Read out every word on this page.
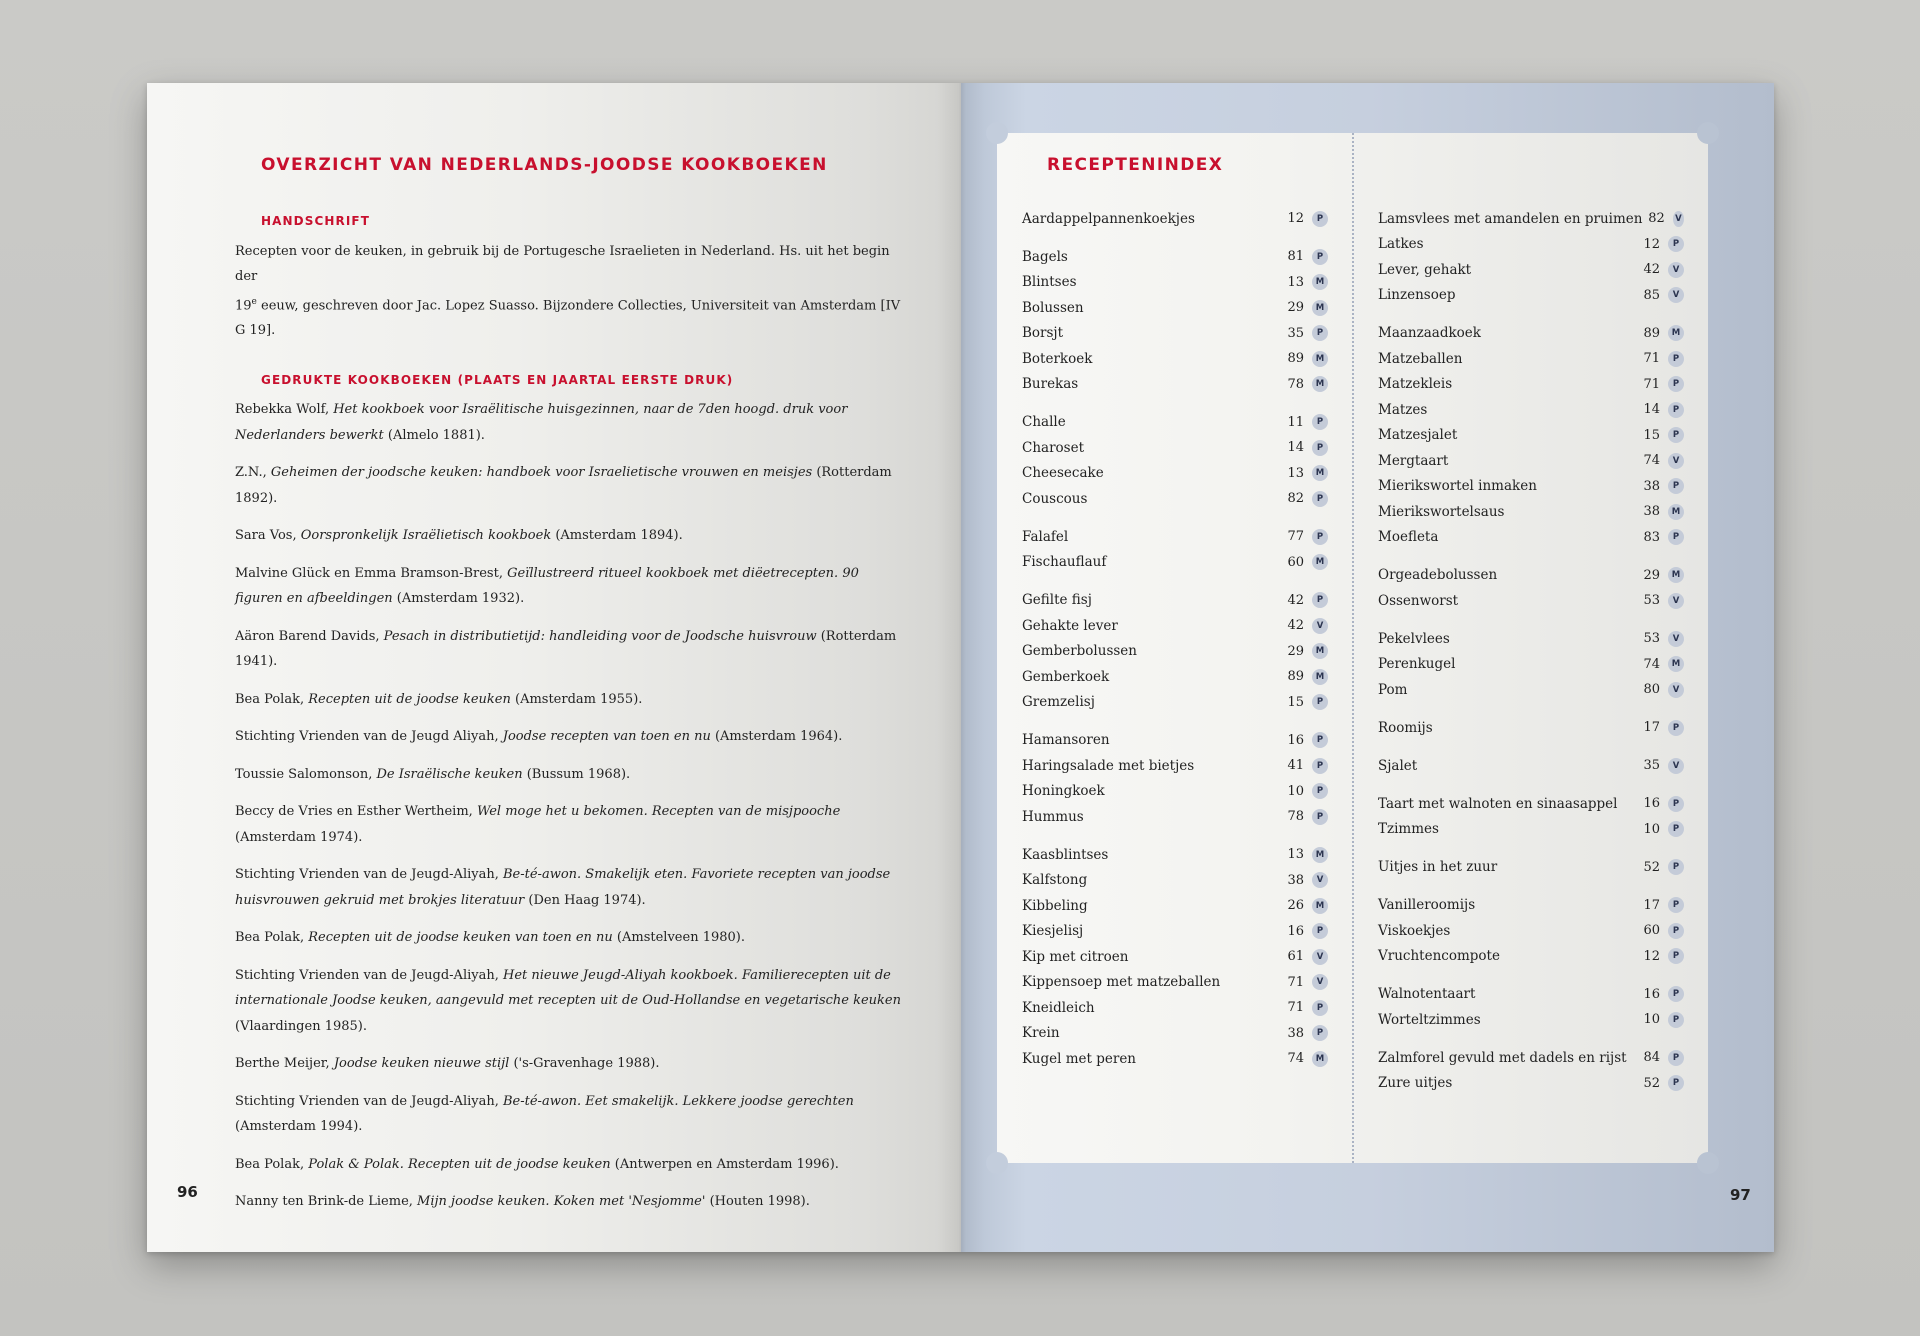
OVERZICHT VAN NEDERLANDS-JOODSE KOOKBOEKEN
HANDSCHRIFT

Recepten voor de keuken, in gebruik bij de Portugesche Israelieten in Nederland. Hs. uit het begin der
19e eeuw, geschreven door Jac. Lopez Suasso. Bijzondere Collecties, Universiteit van Amsterdam [IV G 19].

GEDRUKTE KOOKBOEKEN (PLAATS EN JAARTAL EERSTE DRUK)

Rebekka Wolf, Het kookboek voor Israëlitische huisgezinnen, naar de 7den hoogd. druk voor Nederlanders bewerkt (Almelo 1881).

Z.N., Geheimen der joodsche keuken: handboek voor Israelietische vrouwen en meisjes (Rotterdam 1892).

Sara Vos, Oorspronkelijk Israëlietisch kookboek (Amsterdam 1894).

Malvine Glück en Emma Bramson-Brest, Geïllustreerd ritueel kookboek met diëetrecepten. 90 figuren en afbeeldingen (Amsterdam 1932).

Aäron Barend Davids, Pesach in distributietijd: handleiding voor de Joodsche huisvrouw (Rotterdam 1941).

Bea Polak, Recepten uit de joodse keuken (Amsterdam 1955).

Stichting Vrienden van de Jeugd Aliyah, Joodse recepten van toen en nu (Amsterdam 1964).

Toussie Salomonson, De Israëlische keuken (Bussum 1968).

Beccy de Vries en Esther Wertheim, Wel moge het u bekomen. Recepten van de misjpooche (Amsterdam 1974).

Stichting Vrienden van de Jeugd-Aliyah, Be-té-awon. Smakelijk eten. Favoriete recepten van joodse huisvrouwen gekruid met brokjes literatuur (Den Haag 1974).

Bea Polak, Recepten uit de joodse keuken van toen en nu (Amstelveen 1980).

Stichting Vrienden van de Jeugd-Aliyah, Het nieuwe Jeugd-Aliyah kookboek. Familierecepten uit de internationale Joodse keuken, aangevuld met recepten uit de Oud-Hollandse en vegetarische keuken (Vlaardingen 1985).

Berthe Meijer, Joodse keuken nieuwe stijl ('s-Gravenhage 1988).

Stichting Vrienden van de Jeugd-Aliyah, Be-té-awon. Eet smakelijk. Lekkere joodse gerechten (Amsterdam 1994).

Bea Polak, Polak & Polak. Recepten uit de joodse keuken (Antwerpen en Amsterdam 1996).

Nanny ten Brink-de Lieme, Mijn joodse keuken. Koken met 'Nesjomme' (Houten 1998).

96

RECEPTENINDEX
Aardappelpannenkoekjes	12	P
Bagels	81	P
Blintses	13	M
Bolussen	29	M
Borsjt	35	P
Boterkoek	89	M
Burekas	78	M
Challe	11	P
Charoset	14	P
Cheesecake	13	M
Couscous	82	P
Falafel	77	P
Fischauflauf	60	M
Gefilte fisj	42	P
Gehakte lever	42	V
Gemberbolussen	29	M
Gemberkoek	89	M
Gremzelisj	15	P
Hamansoren	16	P
Haringsalade met bietjes	41	P
Honingkoek	10	P
Hummus	78	P
Kaasblintses	13	M
Kalfstong	38	V
Kibbeling	26	M
Kiesjelisj	16	P
Kip met citroen	61	V
Kippensoep met matzeballen	71	V
Kneidleich	71	P
Krein	38	P
Kugel met peren	74	M
Lamsvlees met amandelen en pruimen 82 V
Latkes	12	P
Lever, gehakt	42	V
Linzensoep	85	V
Maanzaadkoek	89	M
Matzeballen	71	P
Matzekleis	71	P
Matzes	14	P
Matzesjalet	15	P
Mergtaart	74	V
Mierikswortel inmaken	38	P
Mierikswortelsaus	38	M
Moefleta	83	P
Orgeadebolussen	29	M
Ossenworst	53	V
Pekelvlees	53	V
Perenkugel	74	M
Pom	80	V
Roomijs	17	P
Sjalet	35	V
Taart met walnoten en sinaasappel	16	P
Tzimmes	10	P
Uitjes in het zuur	52	P
Vanilleroomijs	17	P
Viskoekjes	60	P
Vruchtencompote	12	P
Walnotentaart	16	P
Worteltzimmes	10	P
Zalmforel gevuld met dadels en rijst	84	P
Zure uitjes	52	P

97
